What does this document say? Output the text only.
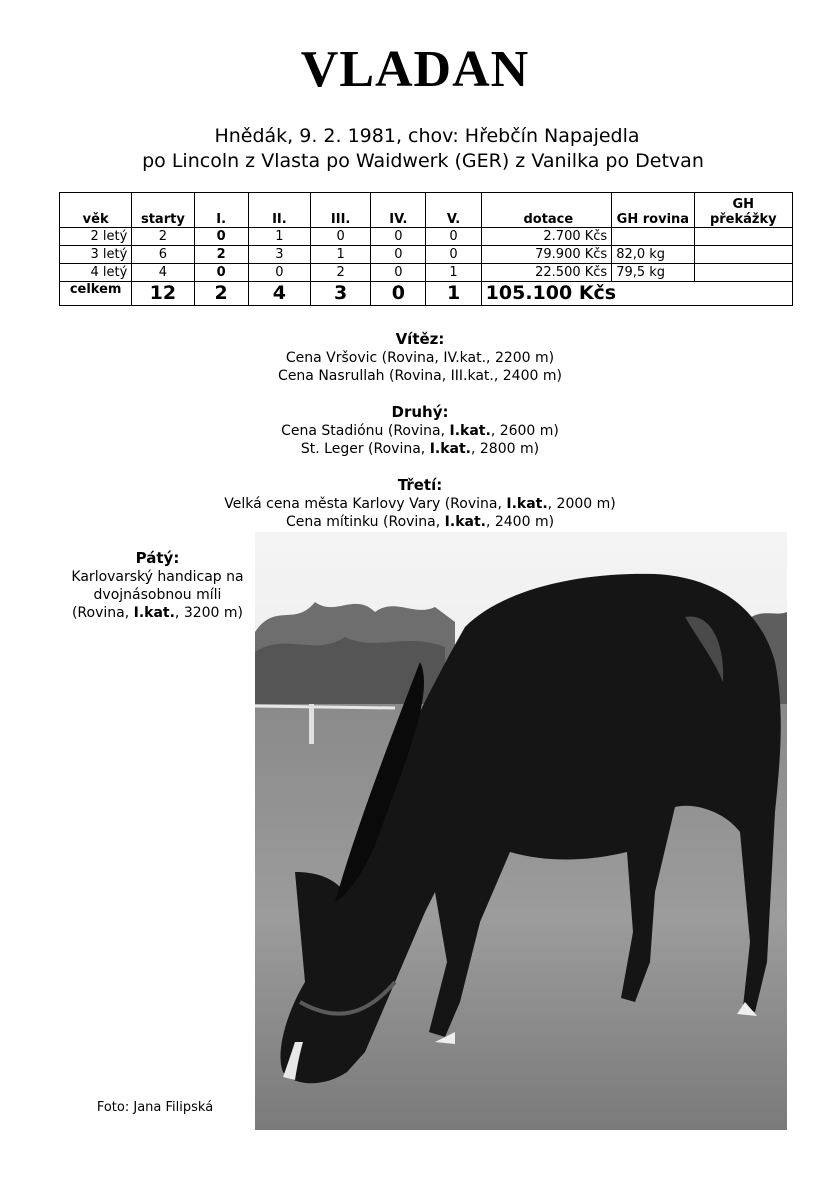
VLADAN
Hnědák, 9. 2. 1981, chov: Hřebčín Napajedla
po Lincoln z Vlasta po Waidwerk (GER) z Vanilka po Detvan
věk	starty	I.	II.	III.	IV.	V.	dotace	GH rovina	GH překážky
2 letý	2	0	1	0	0	0	2.700 Kčs		
3 letý	6	2	3	1	0	0	79.900 Kčs	82,0 kg	
4 letý	4	0	0	2	0	1	22.500 Kčs	79,5 kg	
celkem	12	2	4	3	0	1	105.100 Kčs		
Vítěz:
Cena Vršovic (Rovina, IV.kat., 2200 m)
Cena Nasrullah (Rovina, III.kat., 2400 m)
Druhý:
Cena Stadiónu (Rovina, I.kat., 2600 m)
St. Leger (Rovina, I.kat., 2800 m)
Třetí:
Velká cena města Karlovy Vary (Rovina, I.kat., 2000 m)
Cena mítinku (Rovina, I.kat., 2400 m)
Pátý:
Karlovarský handicap na
dvojnásobnou míli
(Rovina, I.kat., 3200 m)
Foto: Jana Filipská
